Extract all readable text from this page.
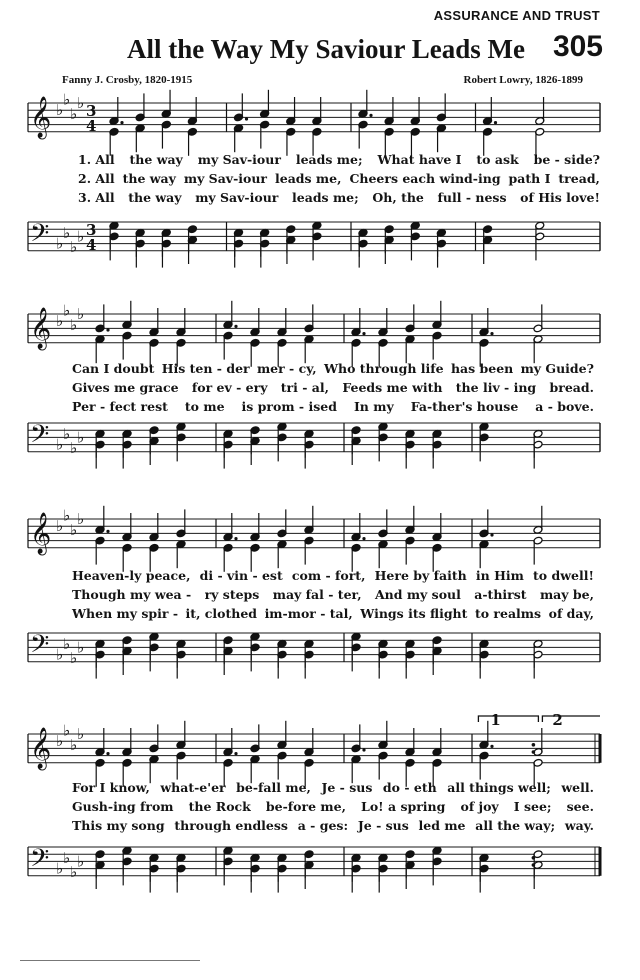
ASSURANCE AND TRUST
All the Way My Saviour Leads Me 305
Fanny J. Crosby, 1820-1915	Robert Lowry, 1826-1899
𝄞
𝄢
♭
♭
♭
♭
♭
♭
♭
♭
3
4
3
4
𝄞
𝄢
♭
♭
♭
♭
♭
♭
♭
♭
𝄞
𝄢
♭
♭
♭
♭
♭
♭
♭
♭
𝄞
𝄢
♭
♭
♭
♭
♭
♭
♭
♭
1	2
1. All the way my Sav-iour leads me; What have I to ask be - side?
2. All the way my Sav-iour leads me, Cheers each wind-ing path I tread,
3. All the way my Sav-iour leads me; Oh, the full - ness of His love!
Can I doubt His ten - der mer - cy, Who through life has been my Guide?
Gives me grace for ev - ery tri - al, Feeds me with the liv - ing bread.
Per - fect rest to me is prom - ised In my Fa-ther's house a - bove.
Heaven-ly peace, di - vin - est com - fort, Here by faith in Him to dwell!
Though my wea - ry steps may fal - ter, And my soul a-thirst may be,
When my spir - it, clothed im-mor - tal, Wings its flight to realms of day,
For I know, what-e'er be-fall me, Je - sus do - eth all things well; well.
Gush-ing from the Rock be-fore me, Lo! a spring of joy I see; see.
This my song through endless a - ges: Je - sus led me all the way; way.
